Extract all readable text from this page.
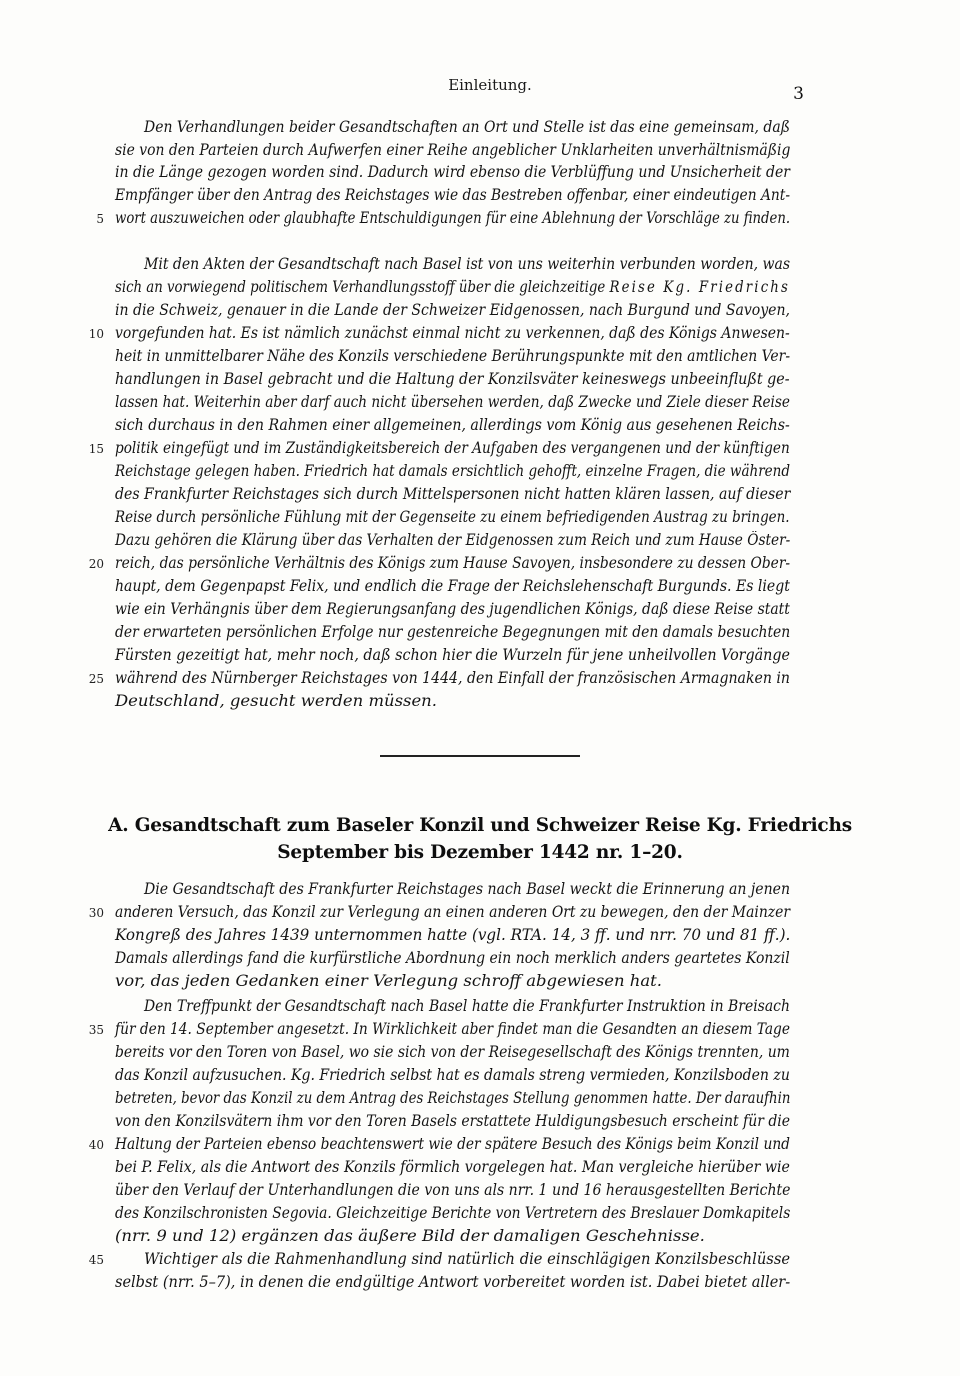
Einleitung.	3
Den Verhandlungen beider Gesandtschaften an Ort und Stelle ist das eine gemeinsam, daß
sie von den Parteien durch Aufwerfen einer Reihe angeblicher Unklarheiten unverhältnismäßig
in die Länge gezogen worden sind. Dadurch wird ebenso die Verblüffung und Unsicherheit der
Empfänger über den Antrag des Reichstages wie das Bestreben offenbar, einer eindeutigen Ant-
wort auszuweichen oder glaubhafte Entschuldigungen für eine Ablehnung der Vorschläge zu finden.
Mit den Akten der Gesandtschaft nach Basel ist von uns weiterhin verbunden worden, was
sich an vorwiegend politischem Verhandlungsstoff über die gleichzeitige Reise Kg. Friedrichs
in die Schweiz, genauer in die Lande der Schweizer Eidgenossen, nach Burgund und Savoyen,
vorgefunden hat. Es ist nämlich zunächst einmal nicht zu verkennen, daß des Königs Anwesen-
heit in unmittelbarer Nähe des Konzils verschiedene Berührungspunkte mit den amtlichen Ver-
handlungen in Basel gebracht und die Haltung der Konzilsväter keineswegs unbeeinflußt ge-
lassen hat. Weiterhin aber darf auch nicht übersehen werden, daß Zwecke und Ziele dieser Reise
sich durchaus in den Rahmen einer allgemeinen, allerdings vom König aus gesehenen Reichs-
politik eingefügt und im Zuständigkeitsbereich der Aufgaben des vergangenen und der künftigen
Reichstage gelegen haben. Friedrich hat damals ersichtlich gehofft, einzelne Fragen, die während
des Frankfurter Reichstages sich durch Mittelspersonen nicht hatten klären lassen, auf dieser
Reise durch persönliche Fühlung mit der Gegenseite zu einem befriedigenden Austrag zu bringen.
Dazu gehören die Klärung über das Verhalten der Eidgenossen zum Reich und zum Hause Öster-
reich, das persönliche Verhältnis des Königs zum Hause Savoyen, insbesondere zu dessen Ober-
haupt, dem Gegenpapst Felix, und endlich die Frage der Reichslehenschaft Burgunds. Es liegt
wie ein Verhängnis über dem Regierungsanfang des jugendlichen Königs, daß diese Reise statt
der erwarteten persönlichen Erfolge nur gestenreiche Begegnungen mit den damals besuchten
Fürsten gezeitigt hat, mehr noch, daß schon hier die Wurzeln für jene unheilvollen Vorgänge
während des Nürnberger Reichstages von 1444, den Einfall der französischen Armagnaken in
Deutschland, gesucht werden müssen.
A. Gesandtschaft zum Baseler Konzil und Schweizer Reise Kg. Friedrichs
September bis Dezember 1442 nr. 1–20.
Die Gesandtschaft des Frankfurter Reichstages nach Basel weckt die Erinnerung an jenen
anderen Versuch, das Konzil zur Verlegung an einen anderen Ort zu bewegen, den der Mainzer
Kongreß des Jahres 1439 unternommen hatte (vgl. RTA. 14, 3 ff. und nrr. 70 und 81 ff.).
Damals allerdings fand die kurfürstliche Abordnung ein noch merklich anders geartetes Konzil
vor, das jeden Gedanken einer Verlegung schroff abgewiesen hat.
Den Treffpunkt der Gesandtschaft nach Basel hatte die Frankfurter Instruktion in Breisach
für den 14. September angesetzt. In Wirklichkeit aber findet man die Gesandten an diesem Tage
bereits vor den Toren von Basel, wo sie sich von der Reisegesellschaft des Königs trennten, um
das Konzil aufzusuchen. Kg. Friedrich selbst hat es damals streng vermieden, Konzilsboden zu
betreten, bevor das Konzil zu dem Antrag des Reichstages Stellung genommen hatte. Der daraufhin
von den Konzilsvätern ihm vor den Toren Basels erstattete Huldigungsbesuch erscheint für die
Haltung der Parteien ebenso beachtenswert wie der spätere Besuch des Königs beim Konzil und
bei P. Felix, als die Antwort des Konzils förmlich vorgelegen hat. Man vergleiche hierüber wie
über den Verlauf der Unterhandlungen die von uns als nrr. 1 und 16 herausgestellten Berichte
des Konzilschronisten Segovia. Gleichzeitige Berichte von Vertretern des Breslauer Domkapitels
(nrr. 9 und 12) ergänzen das äußere Bild der damaligen Geschehnisse.
Wichtiger als die Rahmenhandlung sind natürlich die einschlägigen Konzilsbeschlüsse
selbst (nrr. 5–7), in denen die endgültige Antwort vorbereitet worden ist. Dabei bietet aller-
5
10
15
20
25
30
35
40
45
